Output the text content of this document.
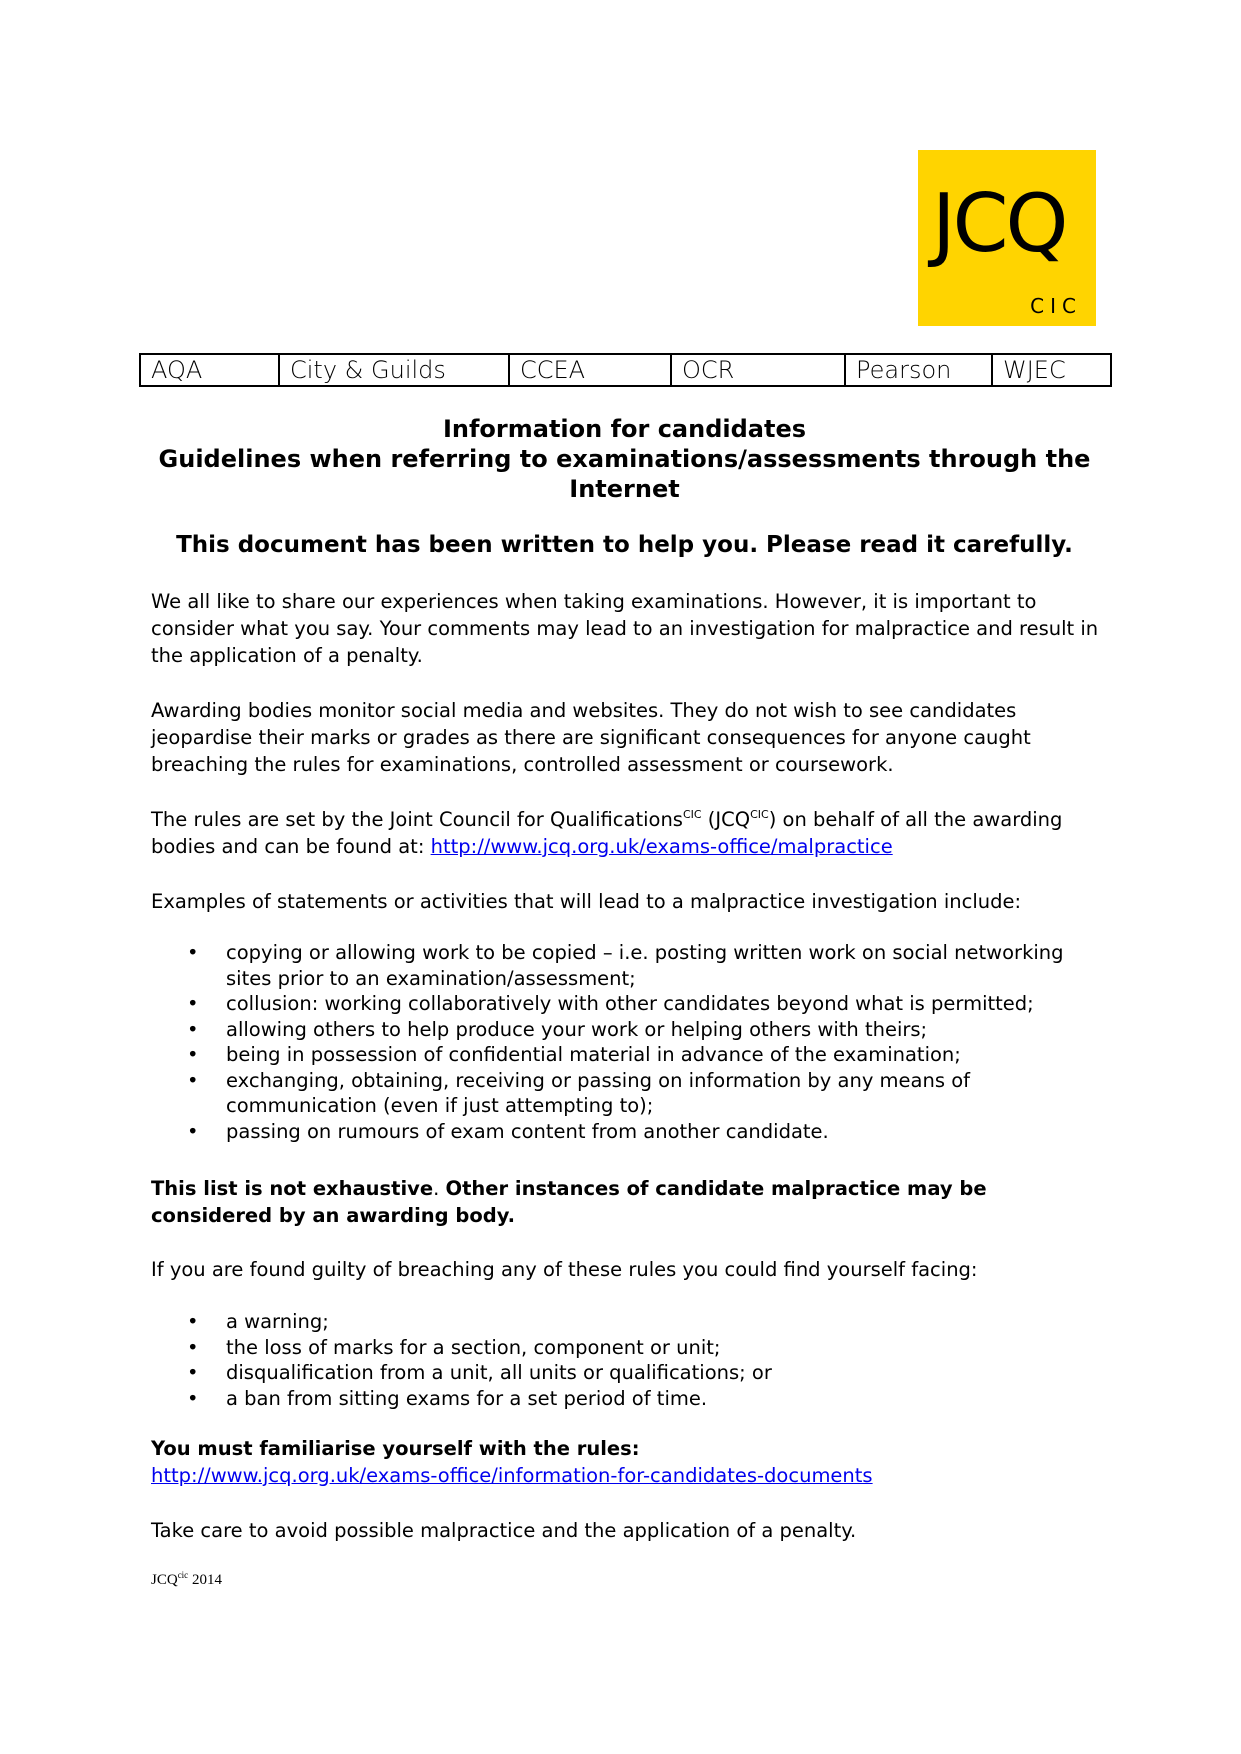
JCQ
CIC
AQA	City & Guilds	CCEA	OCR	Pearson	WJEC
Information for candidates
Guidelines when referring to examinations/assessments through the
Internet
This document has been written to help you. Please read it carefully.
We all like to share our experiences when taking examinations. However, it is important to consider what you say. Your comments may lead to an investigation for malpractice and result in the application of a penalty.
Awarding bodies monitor social media and websites. They do not wish to see candidates jeopardise their marks or grades as there are significant consequences for anyone caught breaching the rules for examinations, controlled assessment or coursework.
The rules are set by the Joint Council for Qualifications$^{CIC}$ $(JCQ^{CIC})$ on behalf of all the awarding bodies and can be found at: http://www.jcq.org.uk/exams-office/malpractice
Examples of statements or activities that will lead to a malpractice investigation include:
• copying or allowing work to be copied – i.e. posting written work on social networking sites prior to an examination/assessment;
• collusion: working collaboratively with other candidates beyond what is permitted;
• allowing others to help produce your work or helping others with theirs;
• being in possession of confidential material in advance of the examination;
• exchanging, obtaining, receiving or passing on information by any means of communication (even if just attempting to);
• passing on rumours of exam content from another candidate.
This list is not exhaustive. Other instances of candidate malpractice may be considered by an awarding body.
If you are found guilty of breaching any of these rules you could find yourself facing:
• a warning;
• the loss of marks for a section, component or unit;
• disqualification from a unit, all units or qualifications; or
• a ban from sitting exams for a set period of time.
You must familiarise yourself with the rules:
http://www.jcq.org.uk/exams-office/information-for-candidates-documents
Take care to avoid possible malpractice and the application of a penalty.
$JCQ^{cic}$ 2014
